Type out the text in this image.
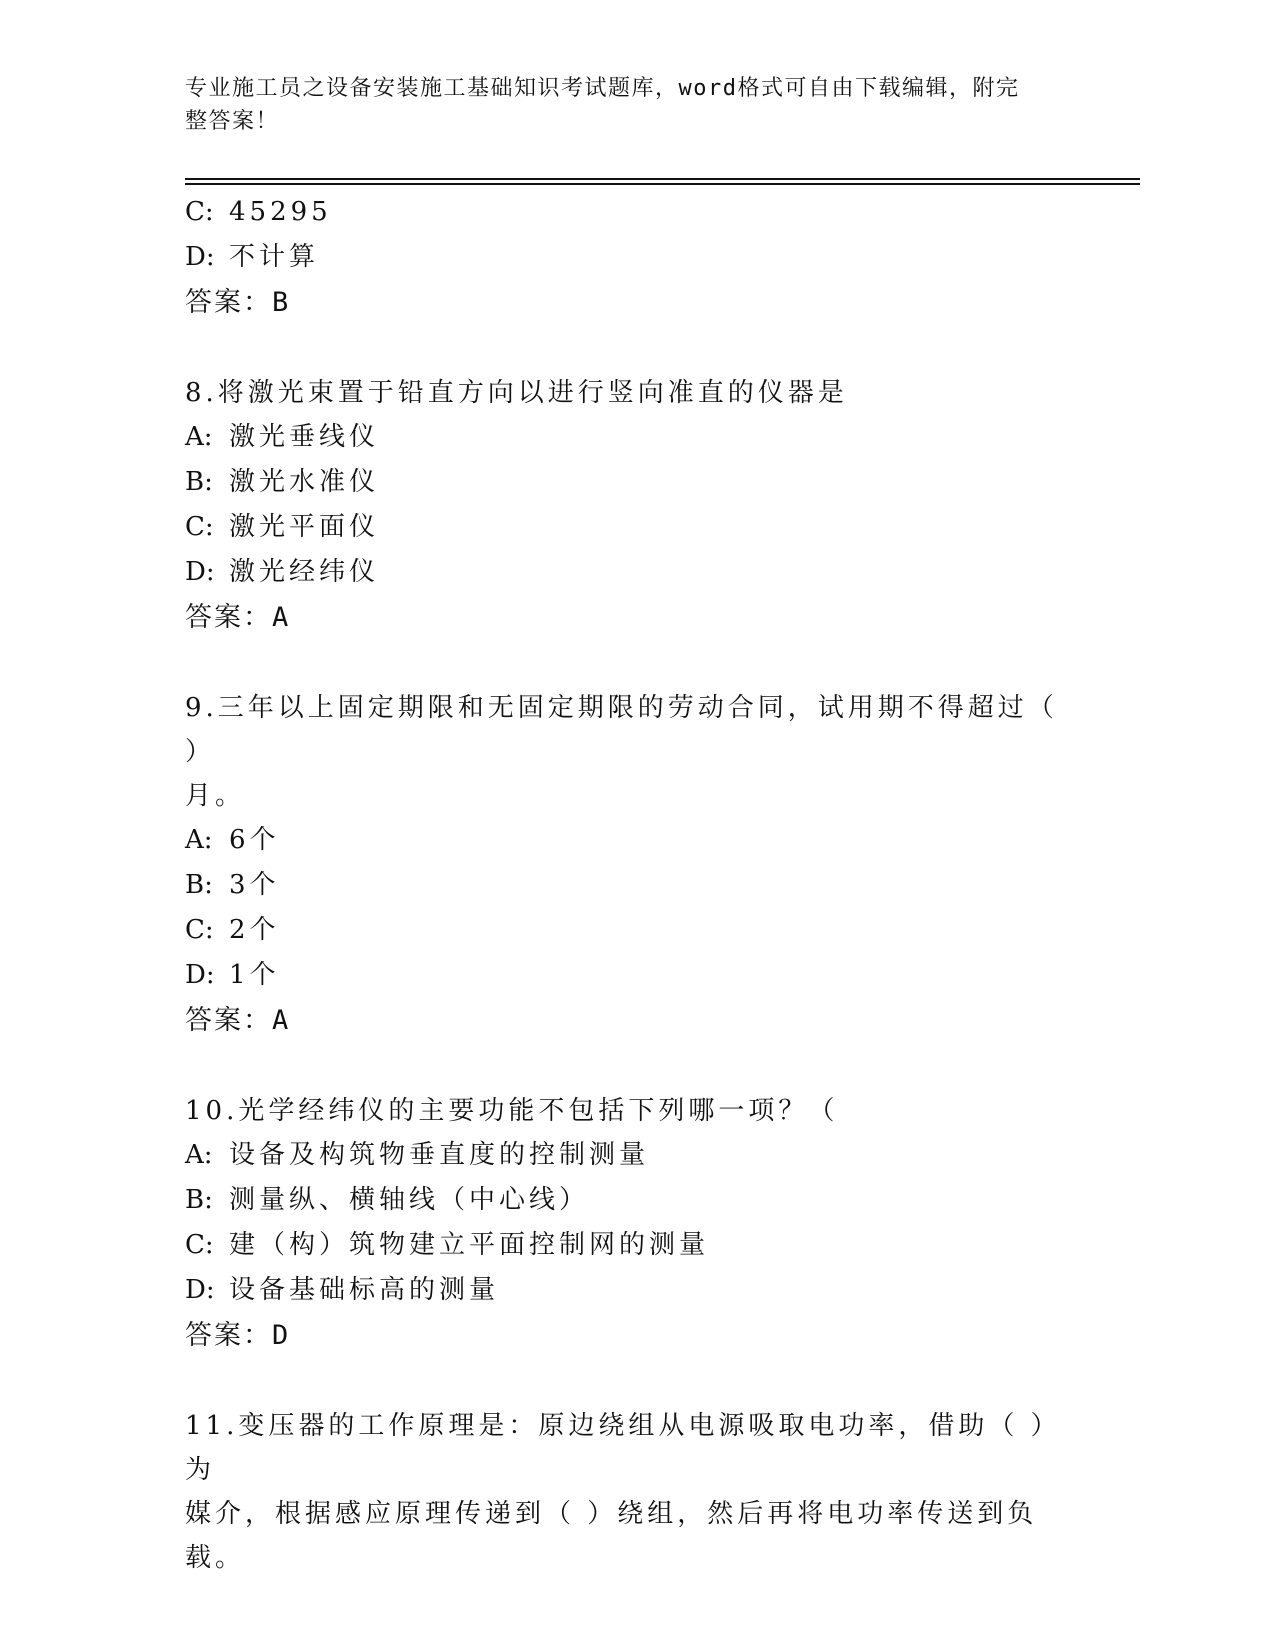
专业施工员之设备安装施工基础知识考试题库，word格式可自由下载编辑，附完
整答案！
C: 45295
D: 不计算
答案：B
8.将激光束置于铅直方向以进行竖向准直的仪器是
A: 激光垂线仪
B: 激光水准仪
C: 激光平面仪
D: 激光经纬仪
答案：A
9.三年以上固定期限和无固定期限的劳动合同，试用期不得超过（ ）
月。
A: 6个
B: 3个
C: 2个
D: 1个
答案：A
10.光学经纬仪的主要功能不包括下列哪一项？（
A: 设备及构筑物垂直度的控制测量
B: 测量纵、横轴线（中心线）
C: 建（构）筑物建立平面控制网的测量
D: 设备基础标高的测量
答案：D
11.变压器的工作原理是：原边绕组从电源吸取电功率，借助（ ）为
媒介，根据感应原理传递到（ ）绕组，然后再将电功率传送到负载。
